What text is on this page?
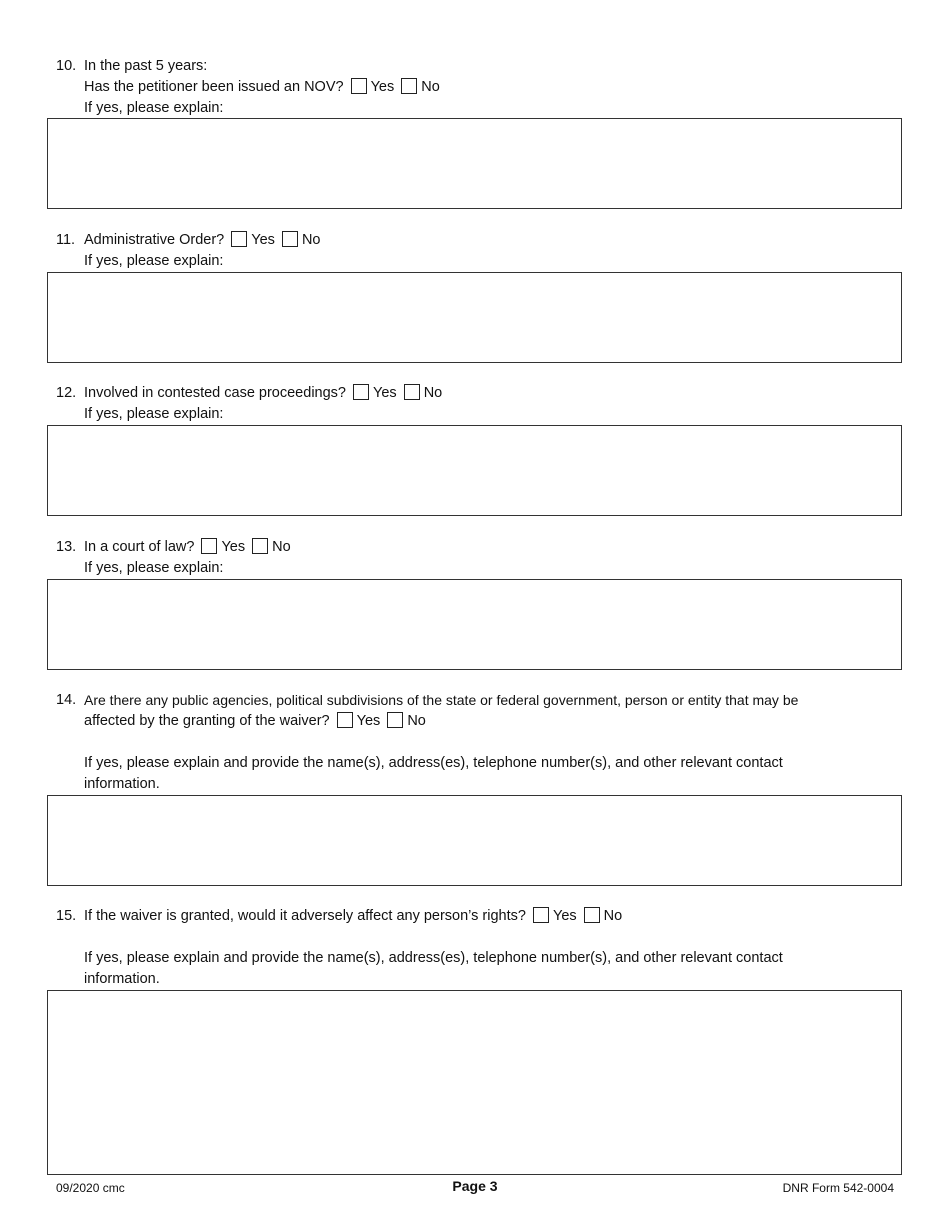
10. In the past 5 years:
Has the petitioner been issued an NOV? Yes No
If yes, please explain:
11. Administrative Order? Yes No
If yes, please explain:
12. Involved in contested case proceedings? Yes No
If yes, please explain:
13. In a court of law? Yes No
If yes, please explain:
14. Are there any public agencies, political subdivisions of the state or federal government, person or entity that may be
affected by the granting of the waiver? Yes No
If yes, please explain and provide the name(s), address(es), telephone number(s), and other relevant contact
information.
15. If the waiver is granted, would it adversely affect any person’s rights? Yes No
If yes, please explain and provide the name(s), address(es), telephone number(s), and other relevant contact
information.
09/2020 cmc	Page 3	DNR Form 542-0004
